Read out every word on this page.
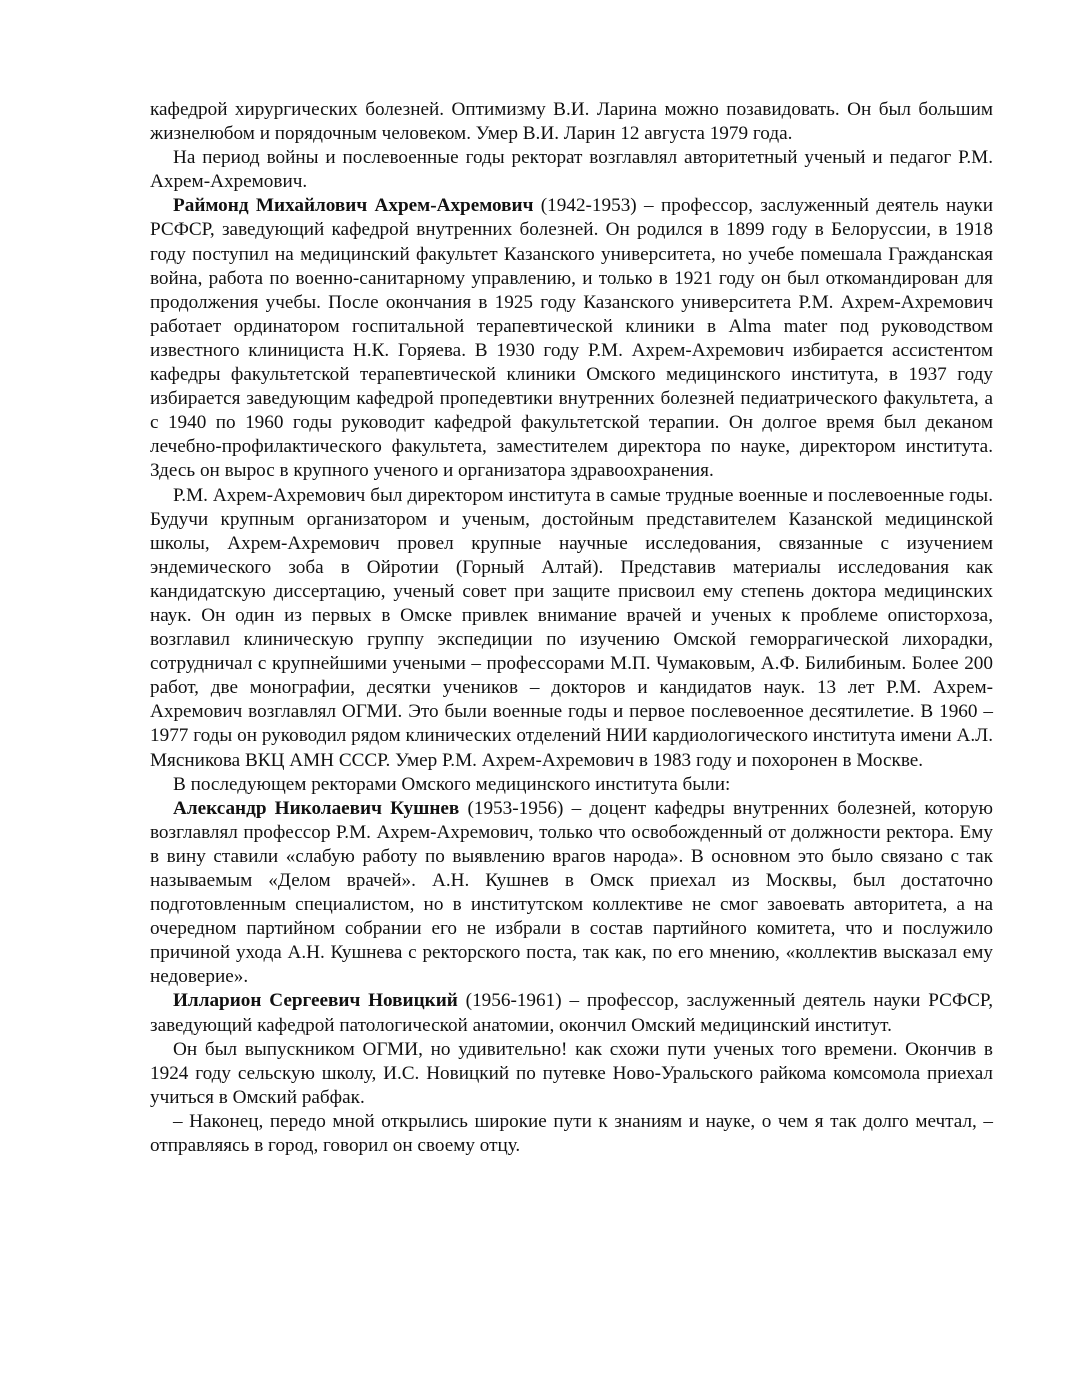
кафедрой хирургических болезней. Оптимизму В.И. Ларина можно позавидовать. Он был большим жизнелюбом и порядочным человеком. Умер В.И. Ларин 12 августа 1979 года.

На период войны и послевоенные годы ректорат возглавлял авторитетный ученый и педагог Р.М. Ахрем-Ахремович.

Раймонд Михайлович Ахрем-Ахремович (1942-1953) – профессор, заслуженный деятель науки РСФСР, заведующий кафедрой внутренних болезней. Он родился в 1899 году в Белоруссии, в 1918 году поступил на медицинский факультет Казанского университета, но учебе помешала Гражданская война, работа по военно-санитарному управлению, и только в 1921 году он был откомандирован для продолжения учебы. После окончания в 1925 году Казанского университета Р.М. Ахрем-Ахремович работает ординатором госпитальной терапевтической клиники в Alma mater под руководством известного клинициста Н.К. Горяева. В 1930 году Р.М. Ахрем-Ахремович избирается ассистентом кафедры факультетской терапевтической клиники Омского медицинского института, в 1937 году избирается заведующим кафедрой пропедевтики внутренних болезней педиатрического факультета, а с 1940 по 1960 годы руководит кафедрой факультетской терапии. Он долгое время был деканом лечебно-профилактического факультета, заместителем директора по науке, директором института. Здесь он вырос в крупного ученого и организатора здравоохранения.

Р.М. Ахрем-Ахремович был директором института в самые трудные военные и послевоенные годы. Будучи крупным организатором и ученым, достойным представителем Казанской медицинской школы, Ахрем-Ахремович провел крупные научные исследования, связанные с изучением эндемического зоба в Ойротии (Горный Алтай). Представив материалы исследования как кандидатскую диссертацию, ученый совет при защите присвоил ему степень доктора медицинских наук. Он один из первых в Омске привлек внимание врачей и ученых к проблеме описторхоза, возглавил клиническую группу экспедиции по изучению Омской геморрагической лихорадки, сотрудничал с крупнейшими учеными – профессорами М.П. Чумаковым, А.Ф. Билибиным. Более 200 работ, две монографии, десятки учеников – докторов и кандидатов наук. 13 лет Р.М. Ахрем-Ахремович возглавлял ОГМИ. Это были военные годы и первое послевоенное десятилетие. В 1960 – 1977 годы он руководил рядом клинических отделений НИИ кардиологического института имени А.Л. Мясникова ВКЦ АМН СССР. Умер Р.М. Ахрем-Ахремович в 1983 году и похоронен в Москве.

В последующем ректорами Омского медицинского института были:

Александр Николаевич Кушнев (1953-1956) – доцент кафедры внутренних болезней, которую возглавлял профессор Р.М. Ахрем-Ахремович, только что освобожденный от должности ректора. Ему в вину ставили «слабую работу по выявлению врагов народа». В основном это было связано с так называемым «Делом врачей». А.Н. Кушнев в Омск приехал из Москвы, был достаточно подготовленным специалистом, но в институтском коллективе не смог завоевать авторитета, а на очередном партийном собрании его не избрали в состав партийного комитета, что и послужило причиной ухода А.Н. Кушнева с ректорского поста, так как, по его мнению, «коллектив высказал ему недоверие».

Илларион Сергеевич Новицкий (1956-1961) – профессор, заслуженный деятель науки РСФСР, заведующий кафедрой патологической анатомии, окончил Омский медицинский институт.

Он был выпускником ОГМИ, но удивительно! как схожи пути ученых того времени. Окончив в 1924 году сельскую школу, И.С. Новицкий по путевке Ново-Уральского райкома комсомола приехал учиться в Омский рабфак.

– Наконец, передо мной открылись широкие пути к знаниям и науке, о чем я так долго мечтал, – отправляясь в город, говорил он своему отцу.
